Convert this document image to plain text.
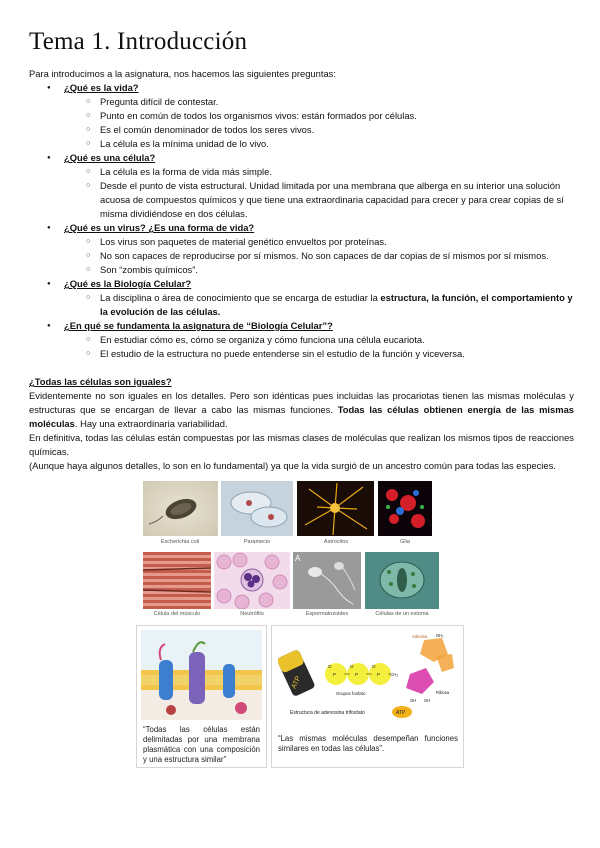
Tema 1. Introducción
Para introducimos a la asignatura, nos hacemos las siguientes preguntas:
● ¿Qué es la vida?
○ Pregunta difícil de contestar.
○ Punto en común de todos los organismos vivos: están formados por células.
○ Es el común denominador de todos los seres vivos.
○ La célula es la mínima unidad de lo vivo.
● ¿Qué es una célula?
○ La célula es la forma de vida más simple.
○ Desde el punto de vista estructural. Unidad limitada por una membrana que alberga en su interior una solución acuosa de compuestos químicos y que tiene una extraordinaria capacidad para crecer y para crear copias de sí misma dividiéndose en dos células.
● ¿Qué es un virus? ¿Es una forma de vida?
○ Los virus son paquetes de material genético envueltos por proteínas.
○ No son capaces de reproducirse por sí mismos. No son capaces de dar copias de sí mismos por sí mismos.
○ Son “zombis químicos”.
● ¿Qué es la Biología Celular?
○ La disciplina o área de conocimiento que se encarga de estudiar la estructura, la función, el comportamiento y la evolución de las células.
● ¿En qué se fundamenta la asignatura de “Biología Celular”?
○ En estudiar cómo es, cómo se organiza y cómo funciona una célula eucariota.
○ El estudio de la estructura no puede entenderse sin el estudio de la función y viceversa.

¿Todas las células son iguales?

Evidentemente no son iguales en los detalles. Pero son idénticas pues incluidas las procariotas tienen las mismas moléculas y estructuras que se encargan de llevar a cabo las mismas funciones. Todas las células obtienen energía de las mismas moléculas. Hay una extraordinaria variabilidad.

En definitiva, todas las células están compuestas por las mismas clases de moléculas que realizan los mismos tipos de reacciones químicas.

(Aunque haya algunos detalles, lo son en lo fundamental) ya que la vida surgió de un ancestro común para todas las especies.

Escherichia coli	Paramecio	Astrocitos	Glia
Célula del músculo	Neutrófilo
A
Espermatozoides	Células de un estoma
“Todas las células están delimitadas por una membrana plasmática con una composición y una estructura similar”
ATP
P	P	P
O	O	O
CH₂
Adenina NH₂
Ribosa
OH OH
Grupos fosfato
Estructura de adenosina trifosfato	ATP
“Las mismas moléculas desempeñan funciones similares en todas las células”.
